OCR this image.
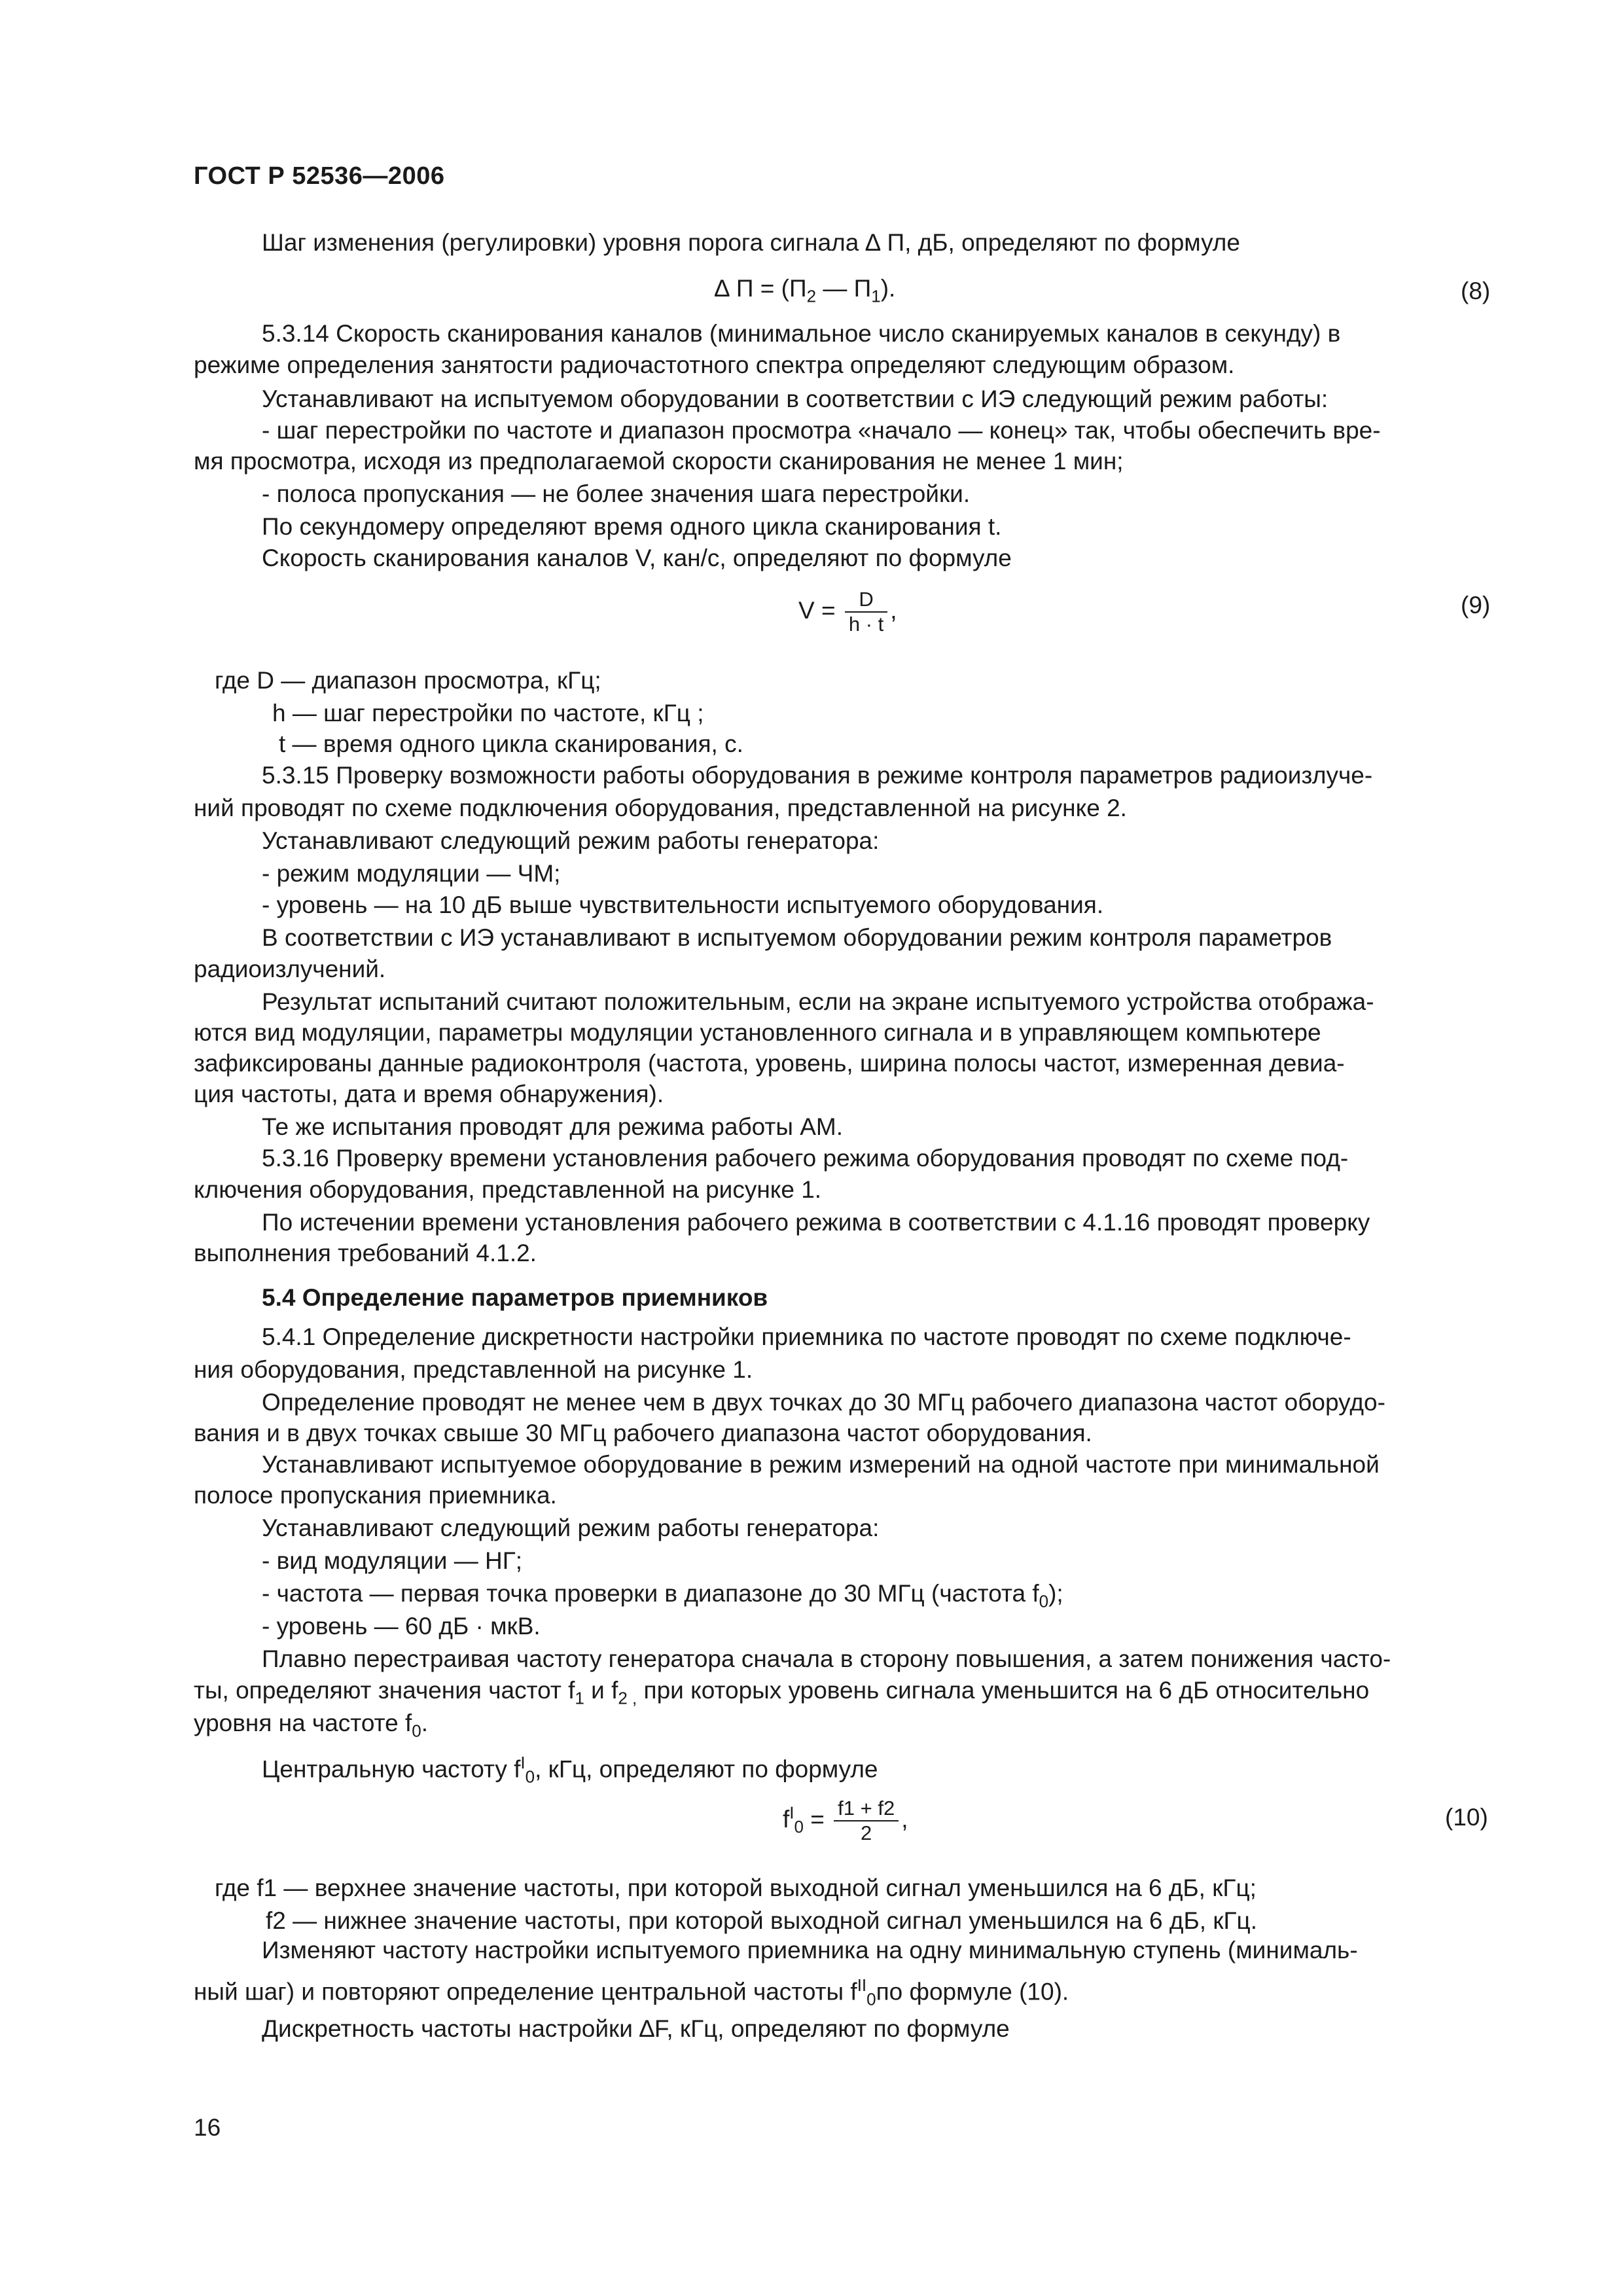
ГОСТ Р 52536—2006
Шаг изменения (регулировки) уровня порога сигнала ∆ П, дБ, определяют по формуле
∆ $П = (П_2$ — $П_1$).	(8)
5.3.14 Скорость сканирования каналов (минимальное число сканируемых каналов в секунду) в
режиме определения занятости радиочастотного спектра определяют следующим образом.
Устанавливают на испытуемом оборудовании в соответствии с ИЭ следующий режим работы:
- шаг перестройки по частоте и диапазон просмотра «начало — конец» так, чтобы обеспечить вре-
мя просмотра, исходя из предполагаемой скорости сканирования не менее 1 мин;
- полоса пропускания — не более значения шага перестройки.
По секундомеру определяют время одного цикла сканирования t.
Скорость сканирования каналов V, кан/с, определяют по формуле
$V = \frac{D}{h \cdot t}$ ,	(9)
где D — диапазон просмотра, кГц;
h — шаг перестройки по частоте, кГц ;
t — время одного цикла сканирования, с.
5.3.15 Проверку возможности работы оборудования в режиме контроля параметров радиоизлуче-
ний проводят по схеме подключения оборудования, представленной на рисунке 2.
Устанавливают следующий режим работы генератора:
- режим модуляции — ЧМ;
- уровень — на 10 дБ выше чувствительности испытуемого оборудования.
В соответствии с ИЭ устанавливают в испытуемом оборудовании режим контроля параметров
радиоизлучений.
Результат испытаний считают положительным, если на экране испытуемого устройства отобража-
ются вид модуляции, параметры модуляции установленного сигнала и в управляющем компьютере
зафиксированы данные радиоконтроля (частота, уровень, ширина полосы частот, измеренная девиа-
ция частоты, дата и время обнаружения).
Те же испытания проводят для режима работы АМ.
5.3.16 Проверку времени установления рабочего режима оборудования проводят по схеме под-
ключения оборудования, представленной на рисунке 1.
По истечении времени установления рабочего режима в соответствии с 4.1.16 проводят проверку
выполнения требований 4.1.2.
5.4 Определение параметров приемников
5.4.1 Определение дискретности настройки приемника по частоте проводят по схеме подключе-
ния оборудования, представленной на рисунке 1.
Определение проводят не менее чем в двух точках до 30 МГц рабочего диапазона частот оборудо-
вания и в двух точках свыше 30 МГц рабочего диапазона частот оборудования.
Устанавливают испытуемое оборудование в режим измерений на одной частоте при минимальной
полосе пропускания приемника.
Устанавливают следующий режим работы генератора:
- вид модуляции — НГ;
- частота — первая точка проверки в диапазоне до 30 МГц (частота $f_0$);
- уровень — 60 дБ · мкВ.
Плавно перестраивая частоту генератора сначала в сторону повышения, а затем понижения часто-
ты, определяют значения частот $f_1$ и $f_{2 ,}$ при которых уровень сигнала уменьшится на 6 дБ относительно
уровня на частоте $f_0$.
Центральную частоту $f^I_0$, кГц, определяют по формуле
$f^I_0 = \frac{f1 + f2}{2}$ ,	(10)
где f1 — верхнее значение частоты, при которой выходной сигнал уменьшился на 6 дБ, кГц;
f2 — нижнее значение частоты, при которой выходной сигнал уменьшился на 6 дБ, кГц.
Изменяют частоту настройки испытуемого приемника на одну минимальную ступень (минималь-
ный шаг) и повторяют определение центральной частоты $f^{II}_0по$ формуле (10).
Дискретность частоты настройки ∆F, кГц, определяют по формуле
16
